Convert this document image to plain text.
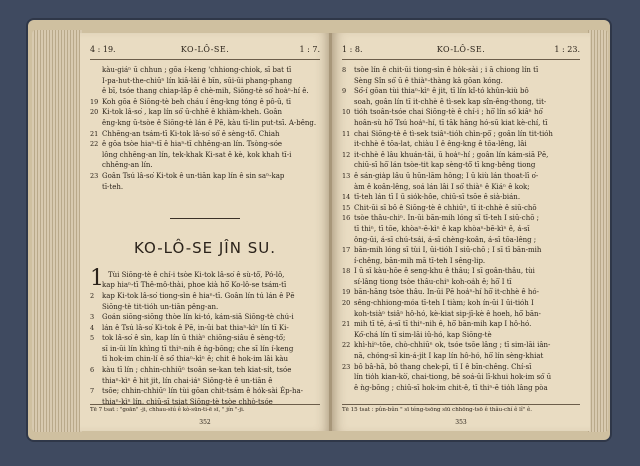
4 : 19.	KO-LÔ-SE.	1 : 7.
kàu-giáⁿ ū chhun ; gōa í-keng 'chhiong-chiok, sī bat tī
I-pa-hut-the-chiūⁿ lín kiâ-lâi ê bīn, sūi-ūi phang-phang
ê bī, tsóe thang chiap-lâp ê chè-mih, Siōng-tè só͘ hoa̍ⁿ-hí ê.
19 Koh gōa ê Siōng-tè beh cháu í êng-kng tóng ê pô-ū, tī
20 Ki-tok lâ-so͘ , kap lín só͘ ū-chhē ê khiàm-kheh. Goân
êng-kng ū-tsòe ê Siōng-tè lán ê Pē, kàu tī-lin put-tsī. A-bêng.
21 Chhēng-an tsám-tī Ki-tok lâ-so͘ só͘ ê sèng-tô͘. Chiah
22 ê gōa tsòe hiaⁿ-tī ê hiaⁿ-tī chhēng-an lín. Tsòng-sóe
lông chhēng-an lín, tek-khak Ki-sat ê kè, kok khah tī-i
chhēng-an lín.
23 Goân Tsú lâ-so͘ Ki-tok ê un-tiān kap lín ê sin saⁿ-kap
tī-teh.
KO-LÔ-SE JÎN SU.
1 Tùi Siōng-tè ê chí-i tsòe Ki-tok lâ-so͘ ê sù-tô͘, Pó-lô,
kap hiaⁿ-tī Thê-mô-thài, phoe kià hō͘ Ko-lô-se tsám-tī
2	kap Ki-tok lâ-so͘ tiong-sìn ê hiaⁿ-tī. Goân lín tú lán ê Pē
Siōng-tè tit-tióh un-tiān pêng-an.
3	Goán siōng-siōng thòe lín ki-tó, kám-siā Siōng-tè chú-i
4	lán ê Tsú lâ-so͘ Ki-tok ê Pē, in-ūi bat thiaⁿ-kìⁿ lín tī Ki-
5	tok lâ-so͘ ê sìn, kap lín ū thiàⁿ chiōng-siâu ê sèng-tô͘;
sī in-ūi lín khìng tī thiⁿ-nih ê ǹg-bōng; che sī lín í-keng
tī hok-im chin-lí ê só͘ thiaⁿ-kìⁿ ê; chit ê hok-im lâi kàu
6	kàu tī lín ; chhin-chhiūⁿ tsoân se-kan teh kiat-si̍t, tsóe
thiaⁿ-kìⁿ ê hit jit, lín chai-iáⁿ Siōng-tè ê un-tiān ê
7	tsōe; chhin-chhiūⁿ lín tùi gōan chit-tsám ê ho̍k-sài Ép-ha-
thiaⁿ-kìⁿ lín, chiū-sī tsiat Siōng-tè tsòe chhò-tsóe
Tē 7 tsat : "goān" -ji, chhau-sīú ê kò-sūn-ti-ē sī, " jín "-ji.
352
1 : 8.	KO-LÔ-SE.	1 : 23.
8	tsòe lín ê chit-ūi tiong-sìn ê ho̍k-sài ; i ā chiong lín tī
Sèng Sîn só͘ ū ê thiàⁿ-thàng kā gōan kóng.
9	Só͘-í gōan tùi thiaⁿ-kìⁿ ê jit, tī lín kî-tó khûn-kiù bô
soah, goân lín tī it-chhè ê tì-sek kap sîn-êng-thong, tit-
10 tióh tsoân-tsóe chai Siōng-tè ê chí-i ; hō͘ lín só͘ kiâⁿ hó͘
hoân-sù hō͘ Tsú hoa̍ⁿ-hí, tī tāk hāng hó-sū kiat kè-chí, tī
11 chai Siōng-tè ê tì-sek tsiâⁿ-tióh chìn-pō͘ ; goân lín tit-tióh
it-chhè ê tōa-lat, chiàu I ê êng-kng ê tōa-lêng, lâi
12 it-chhè ê lâu khuán-tāi, ū hoa̍ⁿ-hí ; goân lín kám-siā Pē,
chiū-sī hō͘ lán tsòe-tit kap sèng-tô͘ tī kng-bêng tiong
13 ê sán-gia̍p lâu ū hūn-lām hông; I ū kiù lán thoat-lī o͘-
àm ê koân-lêng, soá lán lâi I só͘ thiàⁿ ê Kiáⁿ ê kok;
14 tī-teh lán tī I ū sio̍k-hôe, chiū-sī tsōe ê sià-bián.
15 Chit-ūi sī bô ê Siōng-tè ê chhiūⁿ, tī it-chhè ê siū-chō
16 tsòe thâu-chiⁿ. In-ūi bān-mih lóng sī tī-teh I siū-chō ;
tī thiⁿ, tī tōe, khòaⁿ-ē-kìⁿ ê kap khòaⁿ-bē-kìⁿ ê, á-sī
ông-ūi, á-sī chú-tsái, á-sī chèng-koân, á-sī tōa-lêng ;
17 bān-mih lóng sī tùi I, ūi-tióh I siū-chō ; I sī tī bān-mih
í-chêng, bān-mih mā tī-teh I sêng-lip.
18 I ū sī kàu-hōe ê seng-khu ê thâu; I sī goân-thâu, tùi
sí-lâng tiong tsòe thâu-chiⁿ koh-oa̍h ê; hō͘ I tī
19 bān-hāng tsòe thâu. In-ūi Pē hoa̍ⁿ-hí hō͘ it-chhè ê hó-
20 sêng-chhiong-móa tī-teh I tiàm; koh ín-ūi I ūi-tióh I
koh-tsiàⁿ tsiâⁿ hô-hó, kè-kiat sip-jī-kè ê hoeh, hō͘ bān-
21 mih tī tē, á-sī tī thiⁿ-nih ê, hō͘ bān-mih kap I hô-hó.
Kó͘-chá lín tī sim-lāi iû-hó, kap Siōng-tè
22 khì-hiⁿ-tōe, chò-chhiūⁿ ok, tsóe tsōe lâng ; tī sim-lāi iân-
nā, chóng-sī kin-á-ji̍t I kap lín hô-hó, hō͘ lín sèng-khiat
23 bô bâ-hā, bô thang chek-pī, tī I ê bīn-chêng. Chí-sī
lín tio̍h kian-kò͘, chai-tiong, bē soá-ūi lī-khui hok-im só͘ ū
ê ǹg-bōng ; chiū-sī hok-im chit-ê, tī thiⁿ-ē tio̍h lâng pòa
Tē 15 tsat : pûn-bûn " sī téng-tsōng sīū chhōng-tsō ê thâu-chí ê lî" ê.
353
